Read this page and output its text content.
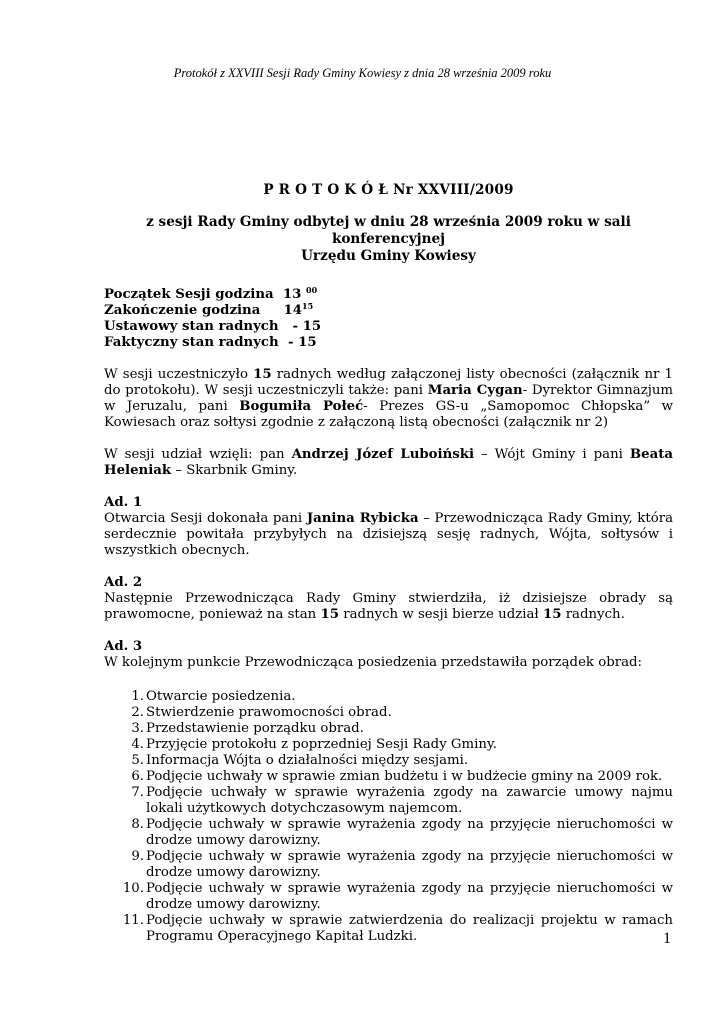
Protokół z XXVIII Sesji Rady Gminy Kowiesy z dnia 28 września 2009 roku
P R O T O K Ó Ł Nr XXVIII/2009
z sesji Rady Gminy odbytej w dniu 28 września 2009 roku w sali konferencyjnej
Urzędu Gminy Kowiesy
Początek Sesji godzina  13 $^{00}$
Zakończenie godzina     $14^{15}$
Ustawowy stan radnych   - 15
Faktyczny stan radnych  - 15

W sesji uczestniczyło 15 radnych według załączonej listy obecności (załącznik nr 1 do protokołu). W sesji uczestniczyli także: pani Maria Cygan- Dyrektor Gimnazjum w Jeruzalu, pani Bogumiła Połeć- Prezes GS-u „Samopomoc Chłopska” w Kowiesach oraz sołtysi zgodnie z załączoną listą obecności (załącznik nr 2)

W sesji udział wzięli: pan Andrzej Józef Luboiński – Wójt Gminy i pani Beata Heleniak – Skarbnik Gminy.

Ad. 1

Otwarcia Sesji dokonała pani Janina Rybicka – Przewodnicząca Rady Gminy, która serdecznie powitała przybyłych na dzisiejszą sesję radnych, Wójta, sołtysów i wszystkich obecnych.

Ad. 2

Następnie Przewodnicząca Rady Gminy stwierdziła, iż dzisiejsze obrady są prawomocne, ponieważ na stan 15 radnych w sesji bierze udział 15 radnych.

Ad. 3
W kolejnym punkcie Przewodnicząca posiedzenia przedstawiła porządek obrad:
1. Otwarcie posiedzenia.
2. Stwierdzenie prawomocności obrad.
3. Przedstawienie porządku obrad.
4. Przyjęcie protokołu z poprzedniej Sesji Rady Gminy.
5. Informacja Wójta o działalności między sesjami.
6. Podjęcie uchwały w sprawie zmian budżetu i w budżecie gminy na 2009 rok.
7. Podjęcie uchwały w sprawie wyrażenia zgody na zawarcie umowy najmu lokali użytkowych dotychczasowym najemcom.
8. Podjęcie uchwały w sprawie wyrażenia zgody na przyjęcie nieruchomości w drodze umowy darowizny.
9. Podjęcie uchwały w sprawie wyrażenia zgody na przyjęcie nieruchomości w drodze umowy darowizny.
10. Podjęcie uchwały w sprawie wyrażenia zgody na przyjęcie nieruchomości w drodze umowy darowizny.
11. Podjęcie uchwały w sprawie zatwierdzenia do realizacji projektu w ramach Programu Operacyjnego Kapitał Ludzki.	1
